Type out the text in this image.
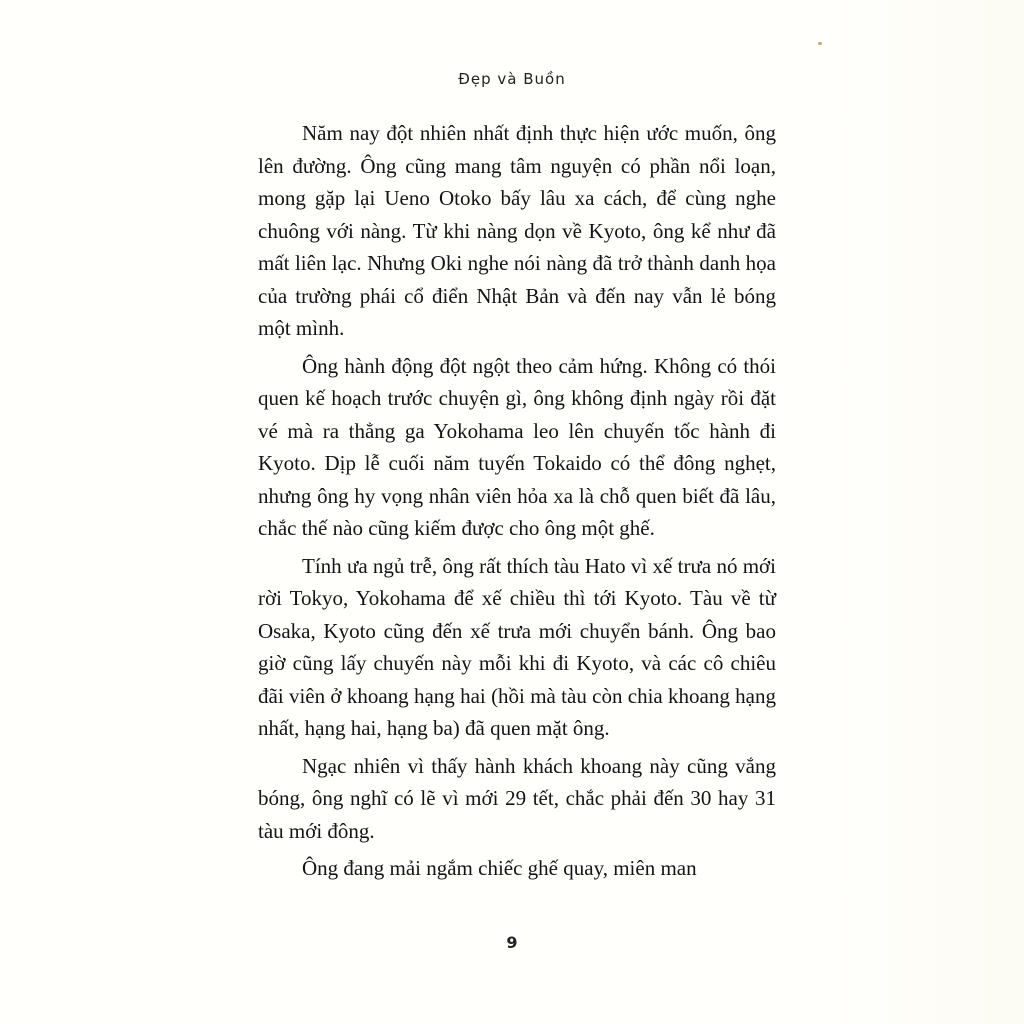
Đẹp và Buồn

Năm nay đột nhiên nhất định thực hiện ước muốn, ông lên đường. Ông cũng mang tâm nguyện có phần nổi loạn, mong gặp lại Ueno Otoko bấy lâu xa cách, để cùng nghe chuông với nàng. Từ khi nàng dọn về Kyoto, ông kể như đã mất liên lạc. Nhưng Oki nghe nói nàng đã trở thành danh họa của trường phái cổ điển Nhật Bản và đến nay vẫn lẻ bóng một mình.

Ông hành động đột ngột theo cảm hứng. Không có thói quen kế hoạch trước chuyện gì, ông không định ngày rồi đặt vé mà ra thẳng ga Yokohama leo lên chuyến tốc hành đi Kyoto. Dịp lễ cuối năm tuyến Tokaido có thể đông nghẹt, nhưng ông hy vọng nhân viên hỏa xa là chỗ quen biết đã lâu, chắc thế nào cũng kiếm được cho ông một ghế.

Tính ưa ngủ trễ, ông rất thích tàu Hato vì xế trưa nó mới rời Tokyo, Yokohama để xế chiều thì tới Kyoto. Tàu về từ Osaka, Kyoto cũng đến xế trưa mới chuyển bánh. Ông bao giờ cũng lấy chuyến này mỗi khi đi Kyoto, và các cô chiêu đãi viên ở khoang hạng hai (hồi mà tàu còn chia khoang hạng nhất, hạng hai, hạng ba) đã quen mặt ông.

Ngạc nhiên vì thấy hành khách khoang này cũng vắng bóng, ông nghĩ có lẽ vì mới 29 tết, chắc phải đến 30 hay 31 tàu mới đông.

Ông đang mải ngắm chiếc ghế quay, miên man

9
